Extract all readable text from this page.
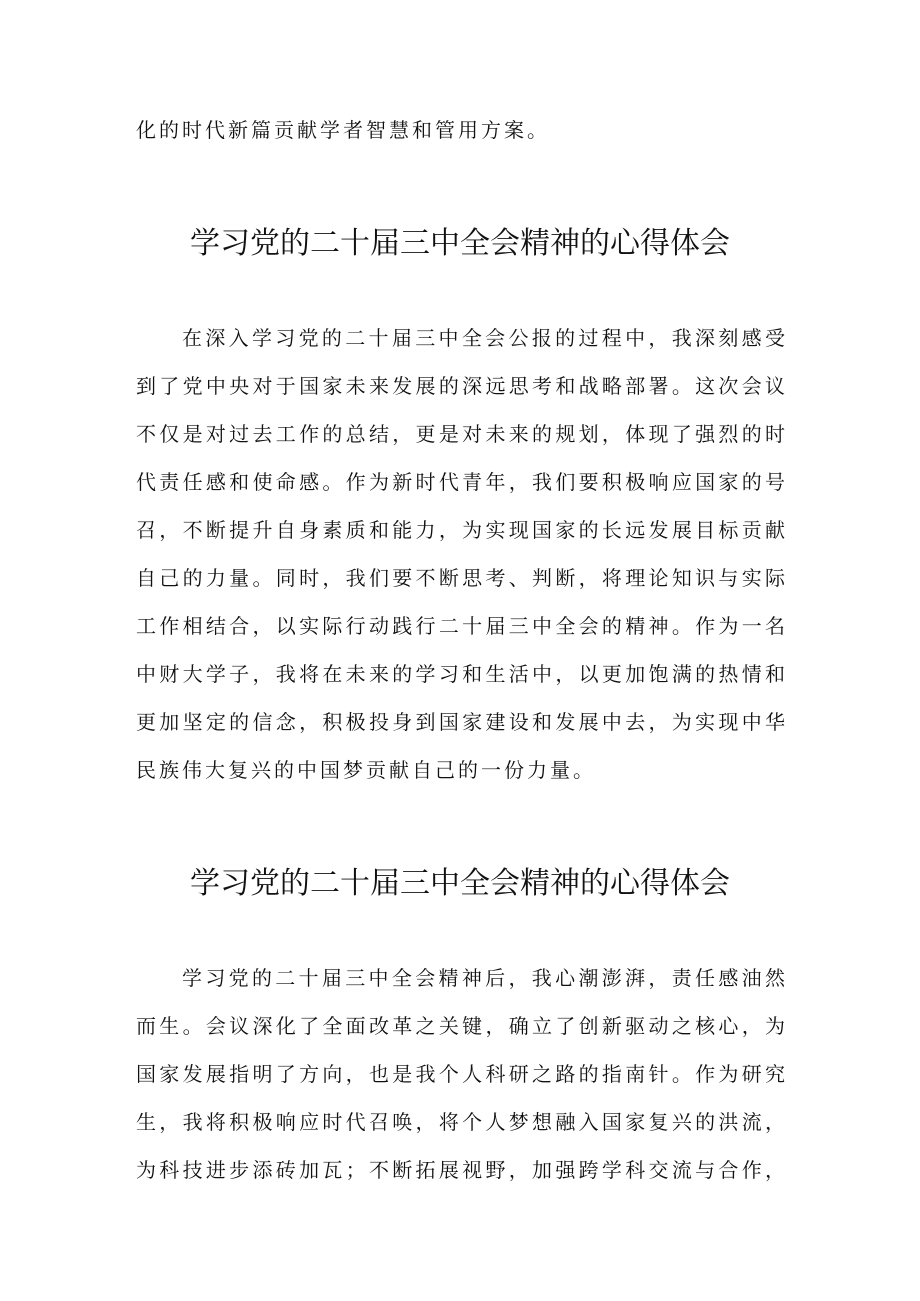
化的时代新篇贡献学者智慧和管用方案。

学习党的二十届三中全会精神的心得体会

在深入学习党的二十届三中全会公报的过程中，我深刻感受

到了党中央对于国家未来发展的深远思考和战略部署。这次会议

不仅是对过去工作的总结，更是对未来的规划，体现了强烈的时

代责任感和使命感。作为新时代青年，我们要积极响应国家的号

召，不断提升自身素质和能力，为实现国家的长远发展目标贡献

自己的力量。同时，我们要不断思考、判断，将理论知识与实际

工作相结合，以实际行动践行二十届三中全会的精神。作为一名

中财大学子，我将在未来的学习和生活中，以更加饱满的热情和

更加坚定的信念，积极投身到国家建设和发展中去，为实现中华

民族伟大复兴的中国梦贡献自己的一份力量。

学习党的二十届三中全会精神的心得体会

学习党的二十届三中全会精神后，我心潮澎湃，责任感油然

而生。会议深化了全面改革之关键，确立了创新驱动之核心，为

国家发展指明了方向，也是我个人科研之路的指南针。作为研究

生，我将积极响应时代召唤，将个人梦想融入国家复兴的洪流，

为科技进步添砖加瓦；不断拓展视野，加强跨学科交流与合作，
